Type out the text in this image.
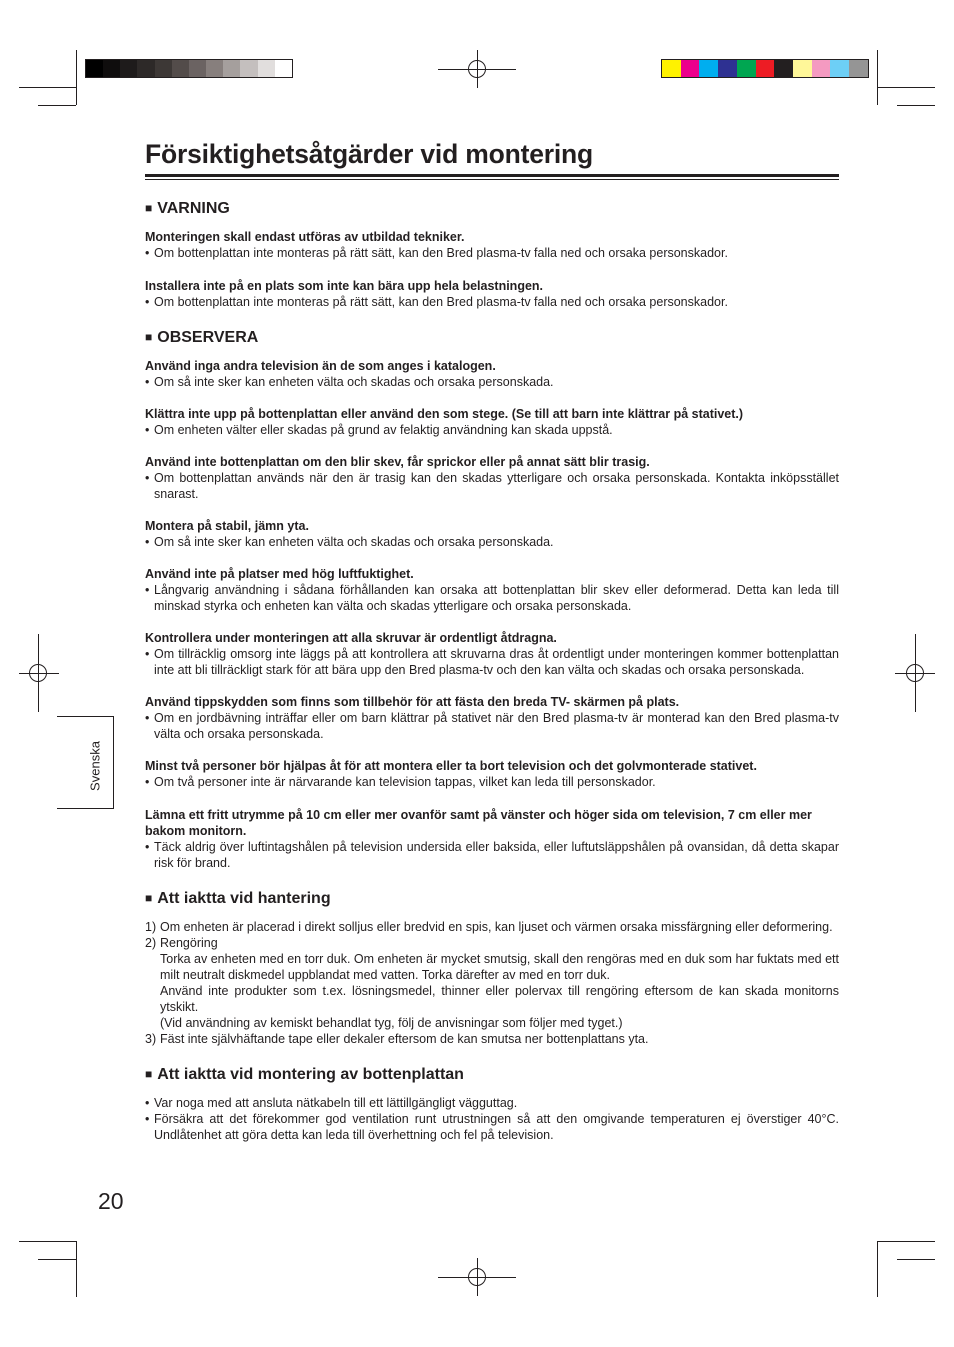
Försiktighetsåtgärder vid montering
■ VARNING

Monteringen skall endast utföras av utbildad tekniker.

• Om bottenplattan inte monteras på rätt sätt, kan den Bred plasma-tv falla ned och orsaka personskador.

Installera inte på en plats som inte kan bära upp hela belastningen.

• Om bottenplattan inte monteras på rätt sätt, kan den Bred plasma-tv falla ned och orsaka personskador.

■ OBSERVERA

Använd inga andra television än de som anges i katalogen.

• Om så inte sker kan enheten välta och skadas och orsaka personskada.

Klättra inte upp på bottenplattan eller använd den som stege. (Se till att barn inte klättrar på stativet.)

• Om enheten välter eller skadas på grund av felaktig användning kan skada uppstå.

Använd inte bottenplattan om den blir skev, får sprickor eller på annat sätt blir trasig.

• Om bottenplattan används när den är trasig kan den skadas ytterligare och orsaka personskada. Kontakta inköpsstället snarast.

Montera på stabil, jämn yta.

• Om så inte sker kan enheten välta och skadas och orsaka personskada.

Använd inte på platser med hög luftfuktighet.

• Långvarig användning i sådana förhållanden kan orsaka att bottenplattan blir skev eller deformerad. Detta kan leda till minskad styrka och enheten kan välta och skadas ytterligare och orsaka personskada.

Kontrollera under monteringen att alla skruvar är ordentligt åtdragna.

• Om tillräcklig omsorg inte läggs på att kontrollera att skruvarna dras åt ordentligt under monteringen kommer bottenplattan inte att bli tillräckligt stark för att bära upp den Bred plasma-tv och den kan välta och skadas och orsaka personskada.

Använd tippskydden som finns som tillbehör för att fästa den breda TV- skärmen på plats.

• Om en jordbävning inträffar eller om barn klättrar på stativet när den Bred plasma-tv är monterad kan den Bred plasma-tv välta och orsaka personskada.

Minst två personer bör hjälpas åt för att montera eller ta bort television och det golvmonterade stativet.

• Om två personer inte är närvarande kan television tappas, vilket kan leda till personskador.

Lämna ett fritt utrymme på 10 cm eller mer ovanför samt på vänster och höger sida om television, 7 cm eller mer bakom monitorn.

• Täck aldrig över luftintagshålen på television undersida eller baksida, eller luftutsläppshålen på ovansidan, då detta skapar risk för brand.

■ Att iaktta vid hantering

1) Om enheten är placerad i direkt solljus eller bredvid en spis, kan ljuset och värmen orsaka missfärgning eller deformering.

2) Rengöring

Torka av enheten med en torr duk. Om enheten är mycket smutsig, skall den rengöras med en duk som har fuktats med ett milt neutralt diskmedel uppblandat med vatten. Torka därefter av med en torr duk.

Använd inte produkter som t.ex. lösningsmedel, thinner eller polervax till rengöring eftersom de kan skada monitorns ytskikt.

(Vid användning av kemiskt behandlat tyg, följ de anvisningar som följer med tyget.)

3) Fäst inte självhäftande tape eller dekaler eftersom de kan smutsa ner bottenplattans yta.

■ Att iaktta vid montering av bottenplattan

• Var noga med att ansluta nätkabeln till ett lättillgängligt vägguttag.

• Försäkra att det förekommer god ventilation runt utrustningen så att den omgivande temperaturen ej överstiger 40°C. Undlåtenhet att göra detta kan leda till överhettning och fel på television.

Svenska
20
